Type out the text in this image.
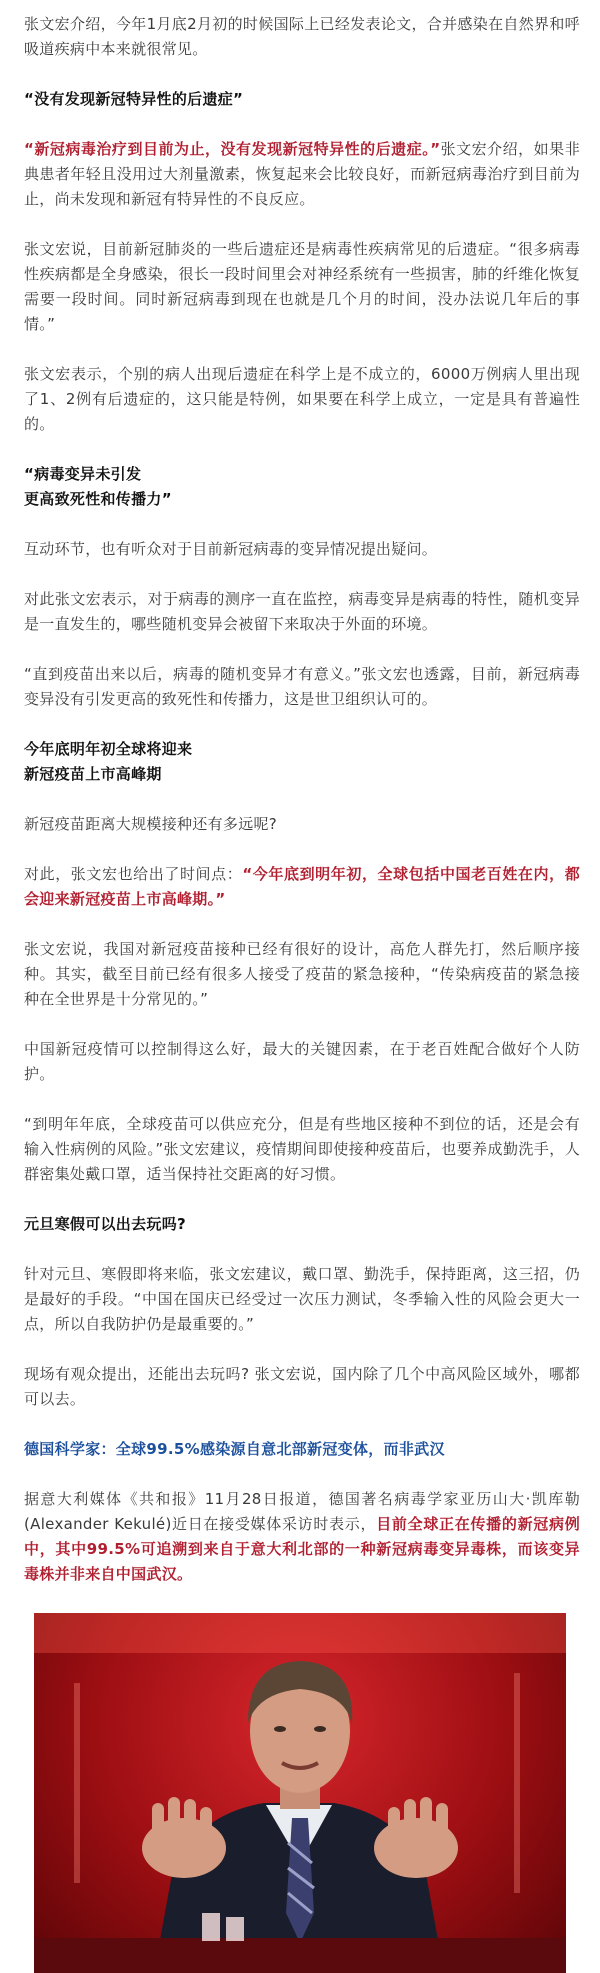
张文宏介绍，今年1月底2月初的时候国际上已经发表论文，合并感染在自然界和呼吸道疾病中本来就很常见。

“没有发现新冠特异性的后遗症”

“新冠病毒治疗到目前为止，没有发现新冠特异性的后遗症。”张文宏介绍，如果非典患者年轻且没用过大剂量激素，恢复起来会比较良好，而新冠病毒治疗到目前为止，尚未发现和新冠有特异性的不良反应。

张文宏说，目前新冠肺炎的一些后遗症还是病毒性疾病常见的后遗症。“很多病毒性疾病都是全身感染，很长一段时间里会对神经系统有一些损害，肺的纤维化恢复需要一段时间。同时新冠病毒到现在也就是几个月的时间，没办法说几年后的事情。”

张文宏表示，个别的病人出现后遗症在科学上是不成立的，6000万例病人里出现了1、2例有后遗症的，这只能是特例，如果要在科学上成立，一定是具有普遍性的。

“病毒变异未引发
更高致死性和传播力”

互动环节，也有听众对于目前新冠病毒的变异情况提出疑问。

对此张文宏表示，对于病毒的测序一直在监控，病毒变异是病毒的特性，随机变异是一直发生的，哪些随机变异会被留下来取决于外面的环境。

“直到疫苗出来以后，病毒的随机变异才有意义。”张文宏也透露，目前，新冠病毒变异没有引发更高的致死性和传播力，这是世卫组织认可的。

今年底明年初全球将迎来
新冠疫苗上市高峰期

新冠疫苗距离大规模接种还有多远呢?

对此，张文宏也给出了时间点：“今年底到明年初，全球包括中国老百姓在内，都会迎来新冠疫苗上市高峰期。”

张文宏说，我国对新冠疫苗接种已经有很好的设计，高危人群先打，然后顺序接种。其实，截至目前已经有很多人接受了疫苗的紧急接种，“传染病疫苗的紧急接种在全世界是十分常见的。”

中国新冠疫情可以控制得这么好，最大的关键因素，在于老百姓配合做好个人防护。

“到明年年底，全球疫苗可以供应充分，但是有些地区接种不到位的话，还是会有输入性病例的风险。”张文宏建议，疫情期间即使接种疫苗后，也要养成勤洗手，人群密集处戴口罩，适当保持社交距离的好习惯。

元旦寒假可以出去玩吗?

针对元旦、寒假即将来临，张文宏建议，戴口罩、勤洗手，保持距离，这三招，仍是最好的手段。“中国在国庆已经受过一次压力测试，冬季输入性的风险会更大一点，所以自我防护仍是最重要的。”

现场有观众提出，还能出去玩吗? 张文宏说，国内除了几个中高风险区域外，哪都可以去。

德国科学家：全球99.5%感染源自意北部新冠变体，而非武汉

据意大利媒体《共和报》11月28日报道，德国著名病毒学家亚历山大·凯库勒(Alexander Kekulé)近日在接受媒体采访时表示，目前全球正在传播的新冠病例中，其中99.5%可追溯到来自于意大利北部的一种新冠病毒变异毒株，而该变异毒株并非来自中国武汉。
